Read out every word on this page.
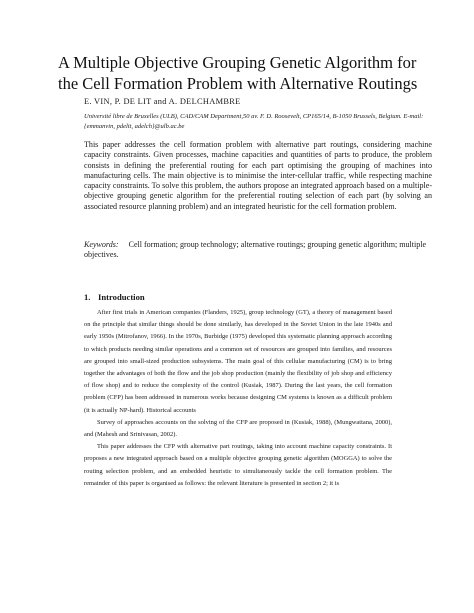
A Multiple Objective Grouping Genetic Algorithm for the Cell Formation Problem with Alternative Routings
E. VIN, P. DE LIT and A. DELCHAMBRE
Université libre de Bruxelles (ULB), CAD/CAM Department,50 av. F. D. Roosevelt, CP165/14, B-1050 Brussels, Belgium. E-mail:{emmanvin, pdelit, adelch}@ulb.ac.be

This paper addresses the cell formation problem with alternative part routings, considering machine capacity constraints. Given processes, machine capacities and quantities of parts to produce, the problem consists in defining the preferential routing for each part optimising the grouping of machines into manufacturing cells. The main objective is to minimise the inter-cellular traffic, while respecting machine capacity constraints. To solve this problem, the authors propose an integrated approach based on a multiple-objective grouping genetic algorithm for the preferential routing selection of each part (by solving an associated resource planning problem) and an integrated heuristic for the cell formation problem.

Keywords: Cell formation; group technology; alternative routings; grouping genetic algorithm; multiple objectives.

1. Introduction

After first trials in American companies (Flanders, 1925), group technology (GT), a theory of management based on the principle that similar things should be done similarly, has developed in the Soviet Union in the late 1940s and early 1950s (Mitrofanov, 1966). In the 1970s, Burbidge (1975) developed this systematic planning approach according to which products needing similar operations and a common set of resources are grouped into families, and resources are grouped into small-sized production subsystems. The main goal of this cellular manufacturing (CM) is to bring together the advantages of both the flow and the job shop production (mainly the flexibility of job shop and efficiency of flow shop) and to reduce the complexity of the control (Kusiak, 1987). During the last years, the cell formation problem (CFP) has been addressed in numerous works because designing CM systems is known as a difficult problem (it is actually NP-hard). Historical accounts

Survey of approaches accounts on the solving of the CFP are proposed in (Kusiak, 1988), (Mungwattana, 2000), and (Mahesh and Srinivasan, 2002).

This paper addresses the CFP with alternative part routings, taking into account machine capacity constraints. It proposes a new integrated approach based on a multiple objective grouping genetic algorithm (MOGGA) to solve the routing selection problem, and an embedded heuristic to simultaneously tackle the cell formation problem. The remainder of this paper is organised as follows: the relevant literature is presented in section 2; it is
